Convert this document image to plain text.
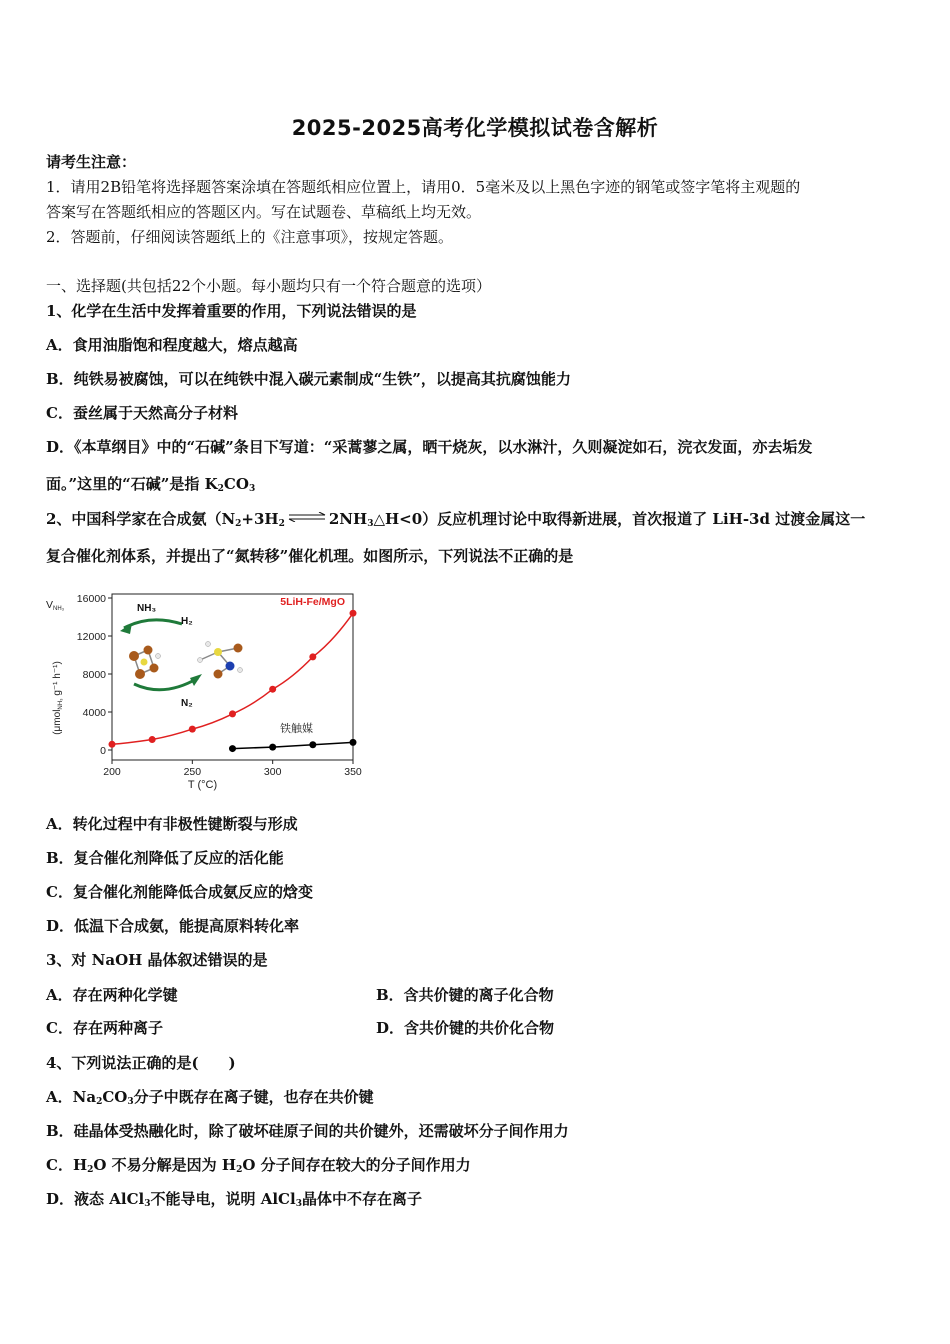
2025-2025高考化学模拟试卷含解析
请考生注意：
1．请用2B铅笔将选择题答案涂填在答题纸相应位置上，请用0．5毫米及以上黑色字迹的钢笔或签字笔将主观题的
答案写在答题纸相应的答题区内。写在试题卷、草稿纸上均无效。
2．答题前，仔细阅读答题纸上的《注意事项》，按规定答题。
一、选择题(共包括22个小题。每小题均只有一个符合题意的选项）
1、化学在生活中发挥着重要的作用，下列说法错误的是
A．食用油脂饱和程度越大，熔点越高
B．纯铁易被腐蚀，可以在纯铁中混入碳元素制成“生铁”，以提高其抗腐蚀能力
C．蚕丝属于天然高分子材料
D．《本草纲目》中的“石碱”条目下写道：“采蒿蓼之属，晒干烧灰，以水淋汁，久则凝淀如石，浣衣发面，亦去垢发
面。”这里的“石碱”是指 $K_2CO_3$
2、中国科学家在合成氨（$N_2+3H_2$ ⇌ $2NH_3\triangle H<0$）反应机理讨论中取得新进展，首次报道了 LiH-3d 过渡金属这一
复合催化剂体系，并提出了“氮转移”催化机理。如图所示，下列说法不正确的是
0
4000
8000
12000
16000
200	250	300	350
T (°C)
VNH₃
(μmol$_{NH_3}$ g⁻¹ h⁻¹)
NH₃
H₂
N₂
5LiH-Fe/MgO
铁触媒
A．转化过程中有非极性键断裂与形成
B．复合催化剂降低了反应的活化能
C．复合催化剂能降低合成氨反应的焓变
D．低温下合成氨，能提高原料转化率
3、对 NaOH 晶体叙述错误的是
A．存在两种化学键	B．含共价键的离子化合物
C．存在两种离子	D．含共价键的共价化合物
4、下列说法正确的是(　　)
A．$Na_2CO_3$分子中既存在离子键，也存在共价键
B．硅晶体受热融化时，除了破坏硅原子间的共价键外，还需破坏分子间作用力
C．$H_2O$ 不易分解是因为 $H_2O$ 分子间存在较大的分子间作用力
D．液态 AlCl$_3$不能导电，说明 AlCl$_3$晶体中不存在离子
